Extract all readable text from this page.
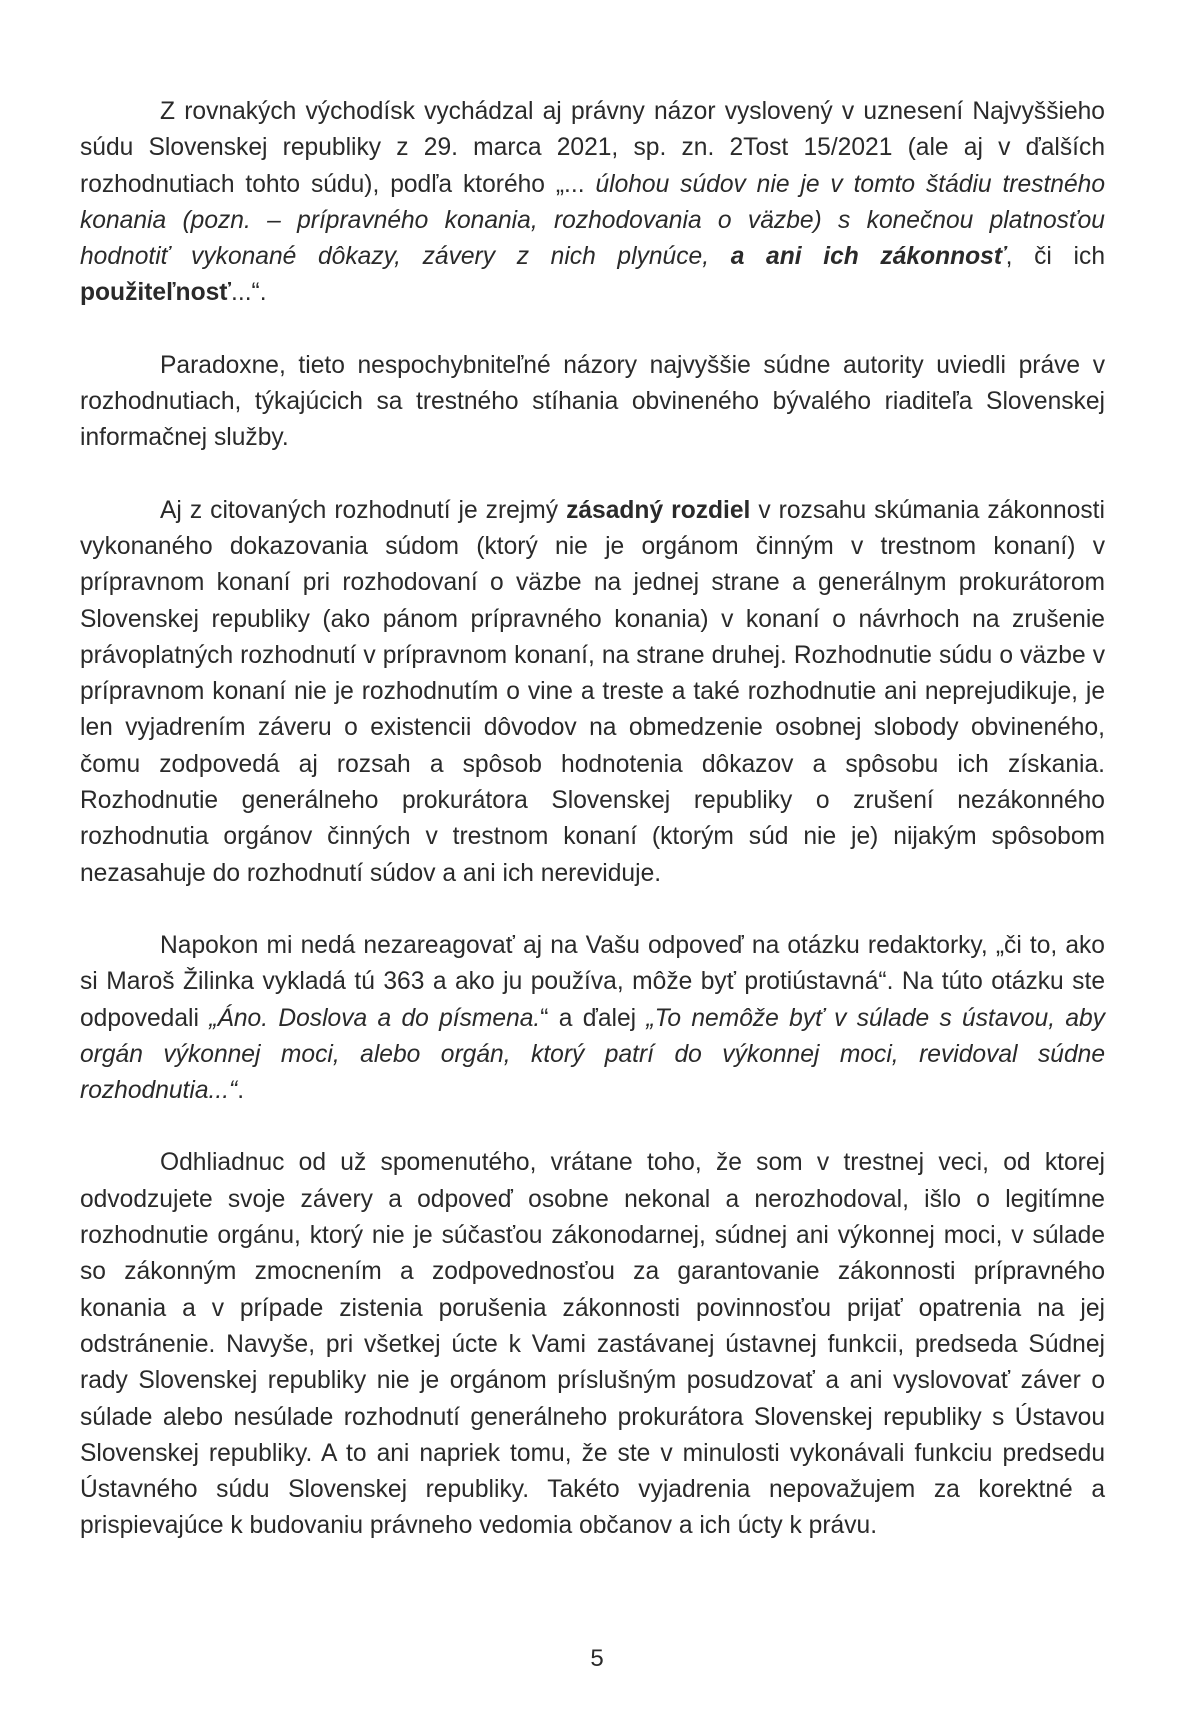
Z rovnakých východísk vychádzal aj právny názor vyslovený v uznesení Najvyššieho súdu Slovenskej republiky z 29. marca 2021, sp. zn. 2Tost 15/2021 (ale aj v ďalších rozhodnutiach tohto súdu), podľa ktorého „... úlohou súdov nie je v tomto štádiu trestného konania (pozn. – prípravného konania, rozhodovania o väzbe) s konečnou platnosťou hodnotiť vykonané dôkazy, závery z nich plynúce, a ani ich zákonnosť, či ich použiteľnosť...“.

Paradoxne, tieto nespochybniteľné názory najvyššie súdne autority uviedli práve v rozhodnutiach, týkajúcich sa trestného stíhania obvineného bývalého riaditeľa Slovenskej informačnej služby.

Aj z citovaných rozhodnutí je zrejmý zásadný rozdiel v rozsahu skúmania zákonnosti vykonaného dokazovania súdom (ktorý nie je orgánom činným v trestnom konaní) v prípravnom konaní pri rozhodovaní o väzbe na jednej strane a generálnym prokurátorom Slovenskej republiky (ako pánom prípravného konania) v konaní o návrhoch na zrušenie právoplatných rozhodnutí v prípravnom konaní, na strane druhej. Rozhodnutie súdu o väzbe v prípravnom konaní nie je rozhodnutím o vine a treste a také rozhodnutie ani neprejudikuje, je len vyjadrením záveru o existencii dôvodov na obmedzenie osobnej slobody obvineného, čomu zodpovedá aj rozsah a spôsob hodnotenia dôkazov a spôsobu ich získania. Rozhodnutie generálneho prokurátora Slovenskej republiky o zrušení nezákonného rozhodnutia orgánov činných v trestnom konaní (ktorým súd nie je) nijakým spôsobom nezasahuje do rozhodnutí súdov a ani ich nereviduje.

Napokon mi nedá nezareagovať aj na Vašu odpoveď na otázku redaktorky, „či to, ako si Maroš Žilinka vykladá tú 363 a ako ju používa, môže byť protiústavná“. Na túto otázku ste odpovedali „Áno. Doslova a do písmena.“ a ďalej „To nemôže byť v súlade s ústavou, aby orgán výkonnej moci, alebo orgán, ktorý patrí do výkonnej moci, revidoval súdne rozhodnutia...“.

Odhliadnuc od už spomenutého, vrátane toho, že som v trestnej veci, od ktorej odvodzujete svoje závery a odpoveď osobne nekonal a nerozhodoval, išlo o legitímne rozhodnutie orgánu, ktorý nie je súčasťou zákonodarnej, súdnej ani výkonnej moci, v súlade so zákonným zmocnením a zodpovednosťou za garantovanie zákonnosti prípravného konania a v prípade zistenia porušenia zákonnosti povinnosťou prijať opatrenia na jej odstránenie. Navyše, pri všetkej úcte k Vami zastávanej ústavnej funkcii, predseda Súdnej rady Slovenskej republiky nie je orgánom príslušným posudzovať a ani vyslovovať záver o súlade alebo nesúlade rozhodnutí generálneho prokurátora Slovenskej republiky s Ústavou Slovenskej republiky. A to ani napriek tomu, že ste v minulosti vykonávali funkciu predsedu Ústavného súdu Slovenskej republiky. Takéto vyjadrenia nepovažujem za korektné a prispievajúce k budovaniu právneho vedomia občanov a ich úcty k právu.

5
